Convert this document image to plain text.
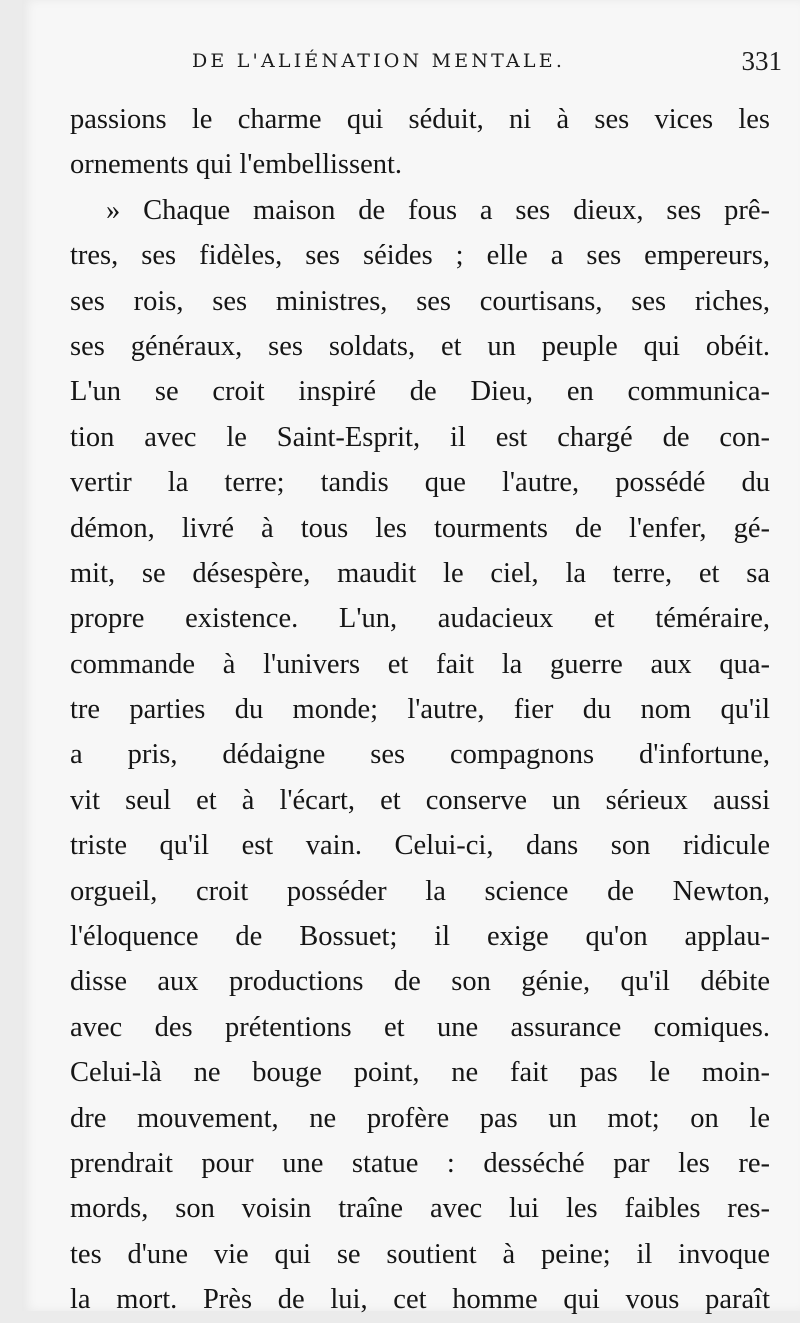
DE L'ALIÉNATION MENTALE.	331
passions le charme qui séduit, ni à ses vices les
ornements qui l'embellissent.
» Chaque maison de fous a ses dieux, ses prê-
tres, ses fidèles, ses séides ; elle a ses empereurs,
ses rois, ses ministres, ses courtisans, ses riches,
ses généraux, ses soldats, et un peuple qui obéit.
L'un se croit inspiré de Dieu, en communica-
tion avec le Saint-Esprit, il est chargé de con-
vertir la terre; tandis que l'autre, possédé du
démon, livré à tous les tourments de l'enfer, gé-
mit, se désespère, maudit le ciel, la terre, et sa
propre existence. L'un, audacieux et téméraire,
commande à l'univers et fait la guerre aux qua-
tre parties du monde; l'autre, fier du nom qu'il
a pris, dédaigne ses compagnons d'infortune,
vit seul et à l'écart, et conserve un sérieux aussi
triste qu'il est vain. Celui-ci, dans son ridicule
orgueil, croit posséder la science de Newton,
l'éloquence de Bossuet; il exige qu'on applau-
disse aux productions de son génie, qu'il débite
avec des prétentions et une assurance comiques.
Celui-là ne bouge point, ne fait pas le moin-
dre mouvement, ne profère pas un mot; on le
prendrait pour une statue : desséché par les re-
mords, son voisin traîne avec lui les faibles res-
tes d'une vie qui se soutient à peine; il invoque
la mort. Près de lui, cet homme qui vous paraît
